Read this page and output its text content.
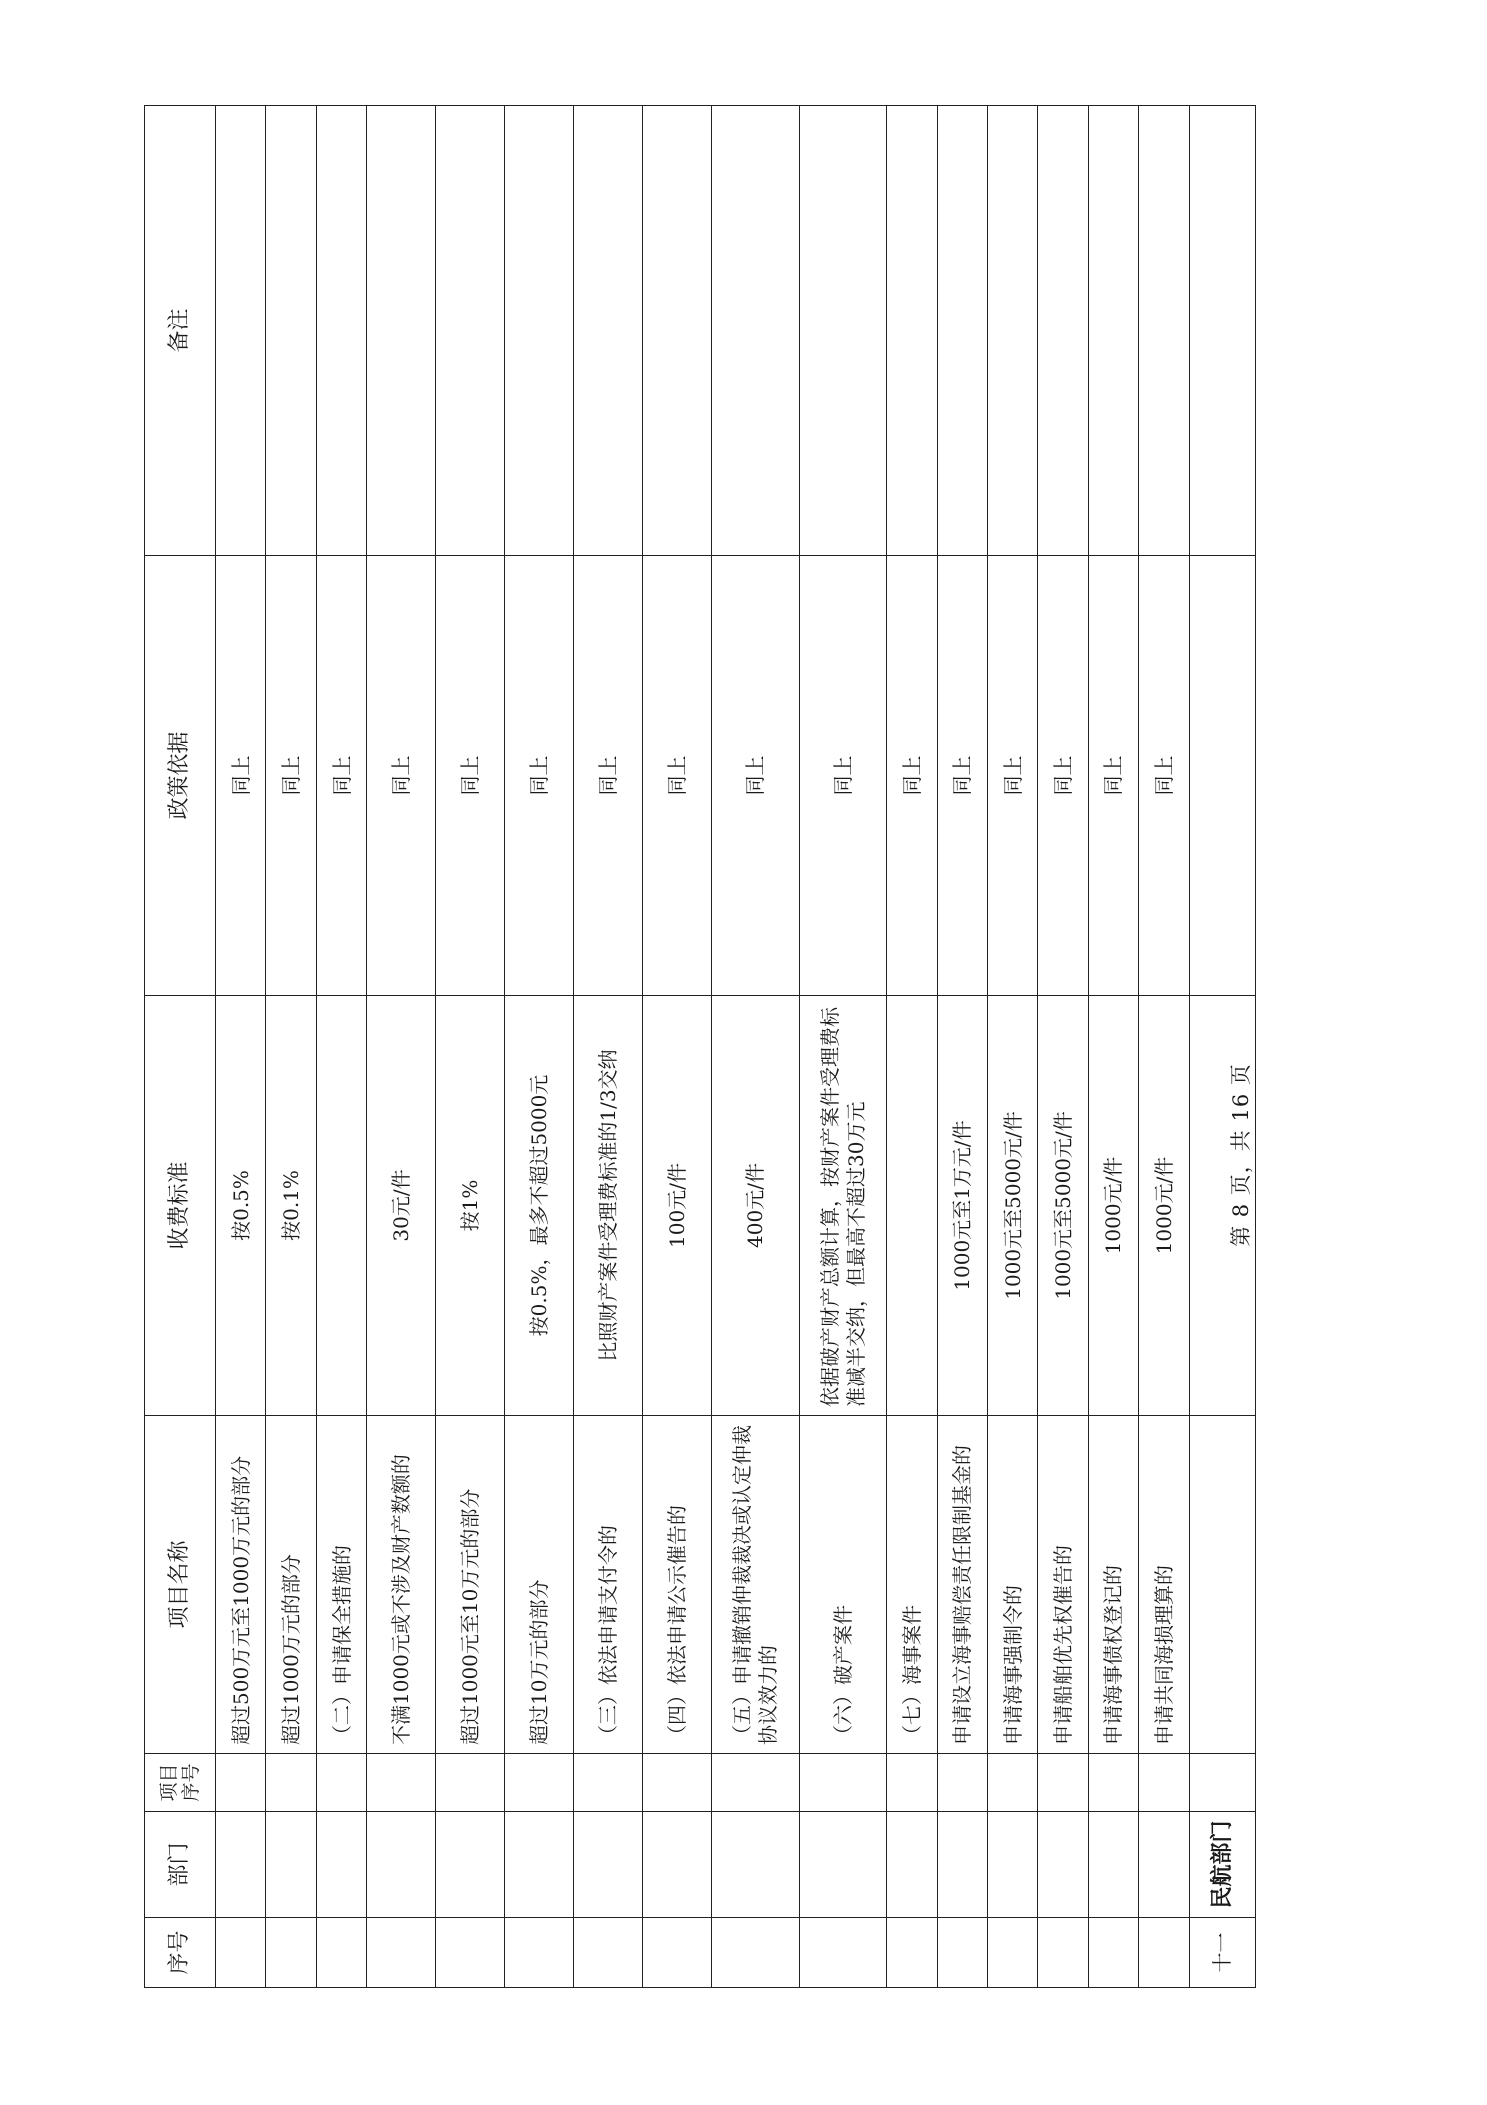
序号	部门	项目序号	项目名称	收费标准	政策依据	备注
			超过500万元至1000万元的部分	按0.5%	同上	
			超过1000万元的部分	按0.1%	同上	
			（二）申请保全措施的		同上	
			不满1000元或不涉及财产数额的	30元/件	同上	
			超过1000元至10万元的部分	按1%	同上	
			超过10万元的部分	按0.5%，最多不超过5000元	同上	
			（三）依法申请支付令的	比照财产案件受理费标准的1/3交纳	同上	
			（四）依法申请公示催告的	100元/件	同上	
			（五）申请撤销仲裁裁决或认定仲裁协议效力的	400元/件	同上	
			（六）破产案件	依据破产财产总额计算，按财产案件受理费标准减半交纳，但最高不超过30万元	同上	
			（七）海事案件		同上	
			申请设立海事赔偿责任限制基金的	1000元至1万元/件	同上	
			申请海事强制令的	1000元至5000元/件	同上	
			申请船舶优先权催告的	1000元至5000元/件	同上	
			申请海事债权登记的	1000元/件	同上	
			申请共同海损理算的	1000元/件	同上	
十一	民航部门					
第 8 页，共 16 页
